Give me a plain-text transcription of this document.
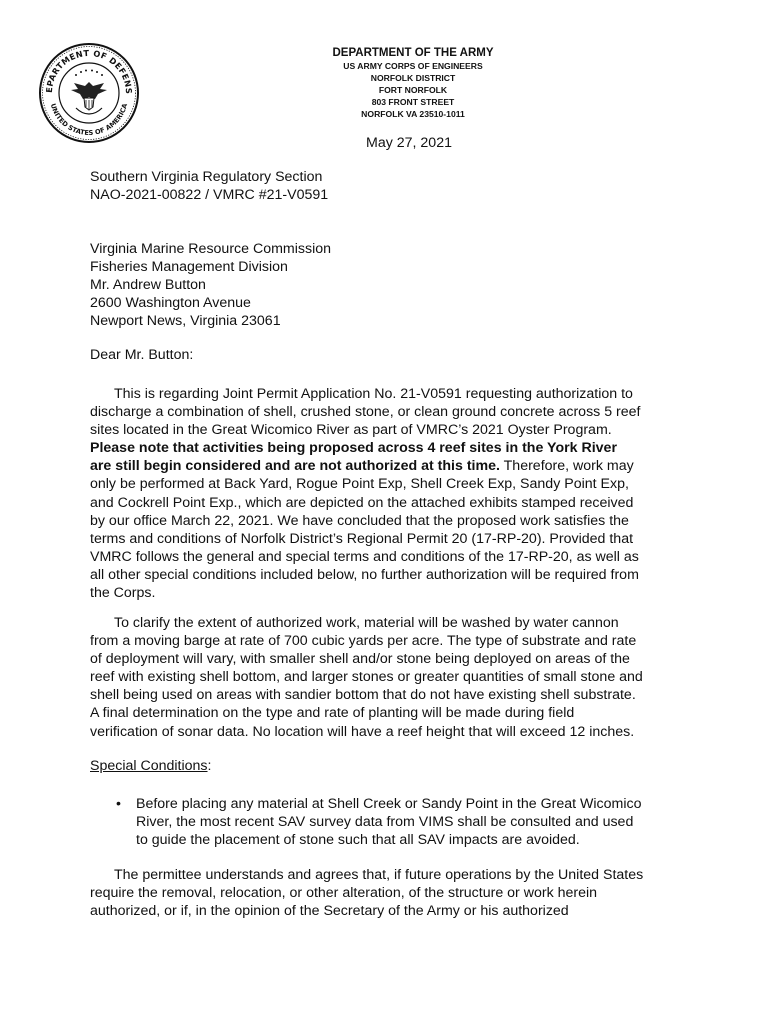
EPARTMENT OF DEFENS
UNITED STATES OF AMERICA
DEPARTMENT OF THE ARMY
US ARMY CORPS OF ENGINEERS
NORFOLK DISTRICT
FORT NORFOLK
803 FRONT STREET
NORFOLK VA 23510-1011
May 27, 2021
Southern Virginia Regulatory Section
NAO-2021-00822 / VMRC #21-V0591
Virginia Marine Resource Commission
Fisheries Management Division
Mr. Andrew Button
2600 Washington Avenue
Newport News, Virginia 23061
Dear Mr. Button:
This is regarding Joint Permit Application No. 21-V0591 requesting authorization to
discharge a combination of shell, crushed stone, or clean ground concrete across 5 reef
sites located in the Great Wicomico River as part of VMRC’s 2021 Oyster Program.
Please note that activities being proposed across 4 reef sites in the York River
are still begin considered and are not authorized at this time. Therefore, work may
only be performed at Back Yard, Rogue Point Exp, Shell Creek Exp, Sandy Point Exp,
and Cockrell Point Exp., which are depicted on the attached exhibits stamped received
by our office March 22, 2021. We have concluded that the proposed work satisfies the
terms and conditions of Norfolk District’s Regional Permit 20 (17-RP-20). Provided that
VMRC follows the general and special terms and conditions of the 17-RP-20, as well as
all other special conditions included below, no further authorization will be required from
the Corps.
To clarify the extent of authorized work, material will be washed by water cannon
from a moving barge at rate of 700 cubic yards per acre. The type of substrate and rate
of deployment will vary, with smaller shell and/or stone being deployed on areas of the
reef with existing shell bottom, and larger stones or greater quantities of small stone and
shell being used on areas with sandier bottom that do not have existing shell substrate.
A final determination on the type and rate of planting will be made during field
verification of sonar data. No location will have a reef height that will exceed 12 inches.
Special Conditions:
• Before placing any material at Shell Creek or Sandy Point in the Great Wicomico
River, the most recent SAV survey data from VIMS shall be consulted and used
to guide the placement of stone such that all SAV impacts are avoided.
The permittee understands and agrees that, if future operations by the United States
require the removal, relocation, or other alteration, of the structure or work herein
authorized, or if, in the opinion of the Secretary of the Army or his authorized
